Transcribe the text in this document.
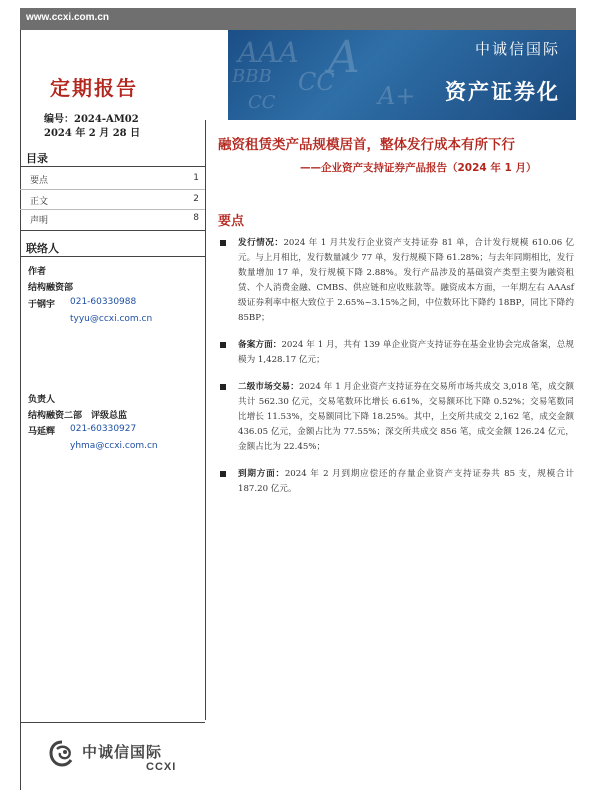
www.ccxi.com.cn
AAA
BBB CC
A
CC	A+
中诚信国际
资产证券化
定期报告
编号：2024-AM02
2024 年 2 月 28 日
目录
要点	1
正文	2
声明	8
联络人
作者
结构融资部
于钢宇 021-60330988
tyyu@ccxi.com.cn
负责人
结构融资二部　评级总监
马延辉 021-60330927
yhma@ccxi.com.cn
融资租赁类产品规模居首，整体发行成本有所下行
——企业资产支持证券产品报告（2024 年 1 月）
要点
发行情况：2024 年 1 月共发行企业资产支持证券 81 单，合计发行规模 610.06 亿元。与上月相比，发行数量减少 77 单，发行规模下降 61.28%；与去年同期相比，发行数量增加 17 单，发行规模下降 2.88%。发行产品涉及的基础资产类型主要为融资租赁、个人消费金融、CMBS、供应链和应收账款等。融资成本方面，一年期左右 AAAsf 级证券利率中枢大致位于 2.65%~3.15%之间，中位数环比下降约 18BP，同比下降约 85BP；
备案方面：2024 年 1 月，共有 139 单企业资产支持证券在基金业协会完成备案，总规模为 1,428.17 亿元；
二级市场交易：2024 年 1 月企业资产支持证券在交易所市场共成交 3,018 笔，成交额共计 562.30 亿元，交易笔数环比增长 6.61%，交易额环比下降 0.52%；交易笔数同比增长 11.53%，交易额同比下降 18.25%。其中，上交所共成交 2,162 笔，成交金额 436.05 亿元，金额占比为 77.55%；深交所共成交 856 笔，成交金额 126.24 亿元，金额占比为 22.45%；
到期方面：2024 年 2 月到期应偿还的存量企业资产支持证券共 85 支，规模合计 187.20 亿元。
中诚信国际
CCXI
